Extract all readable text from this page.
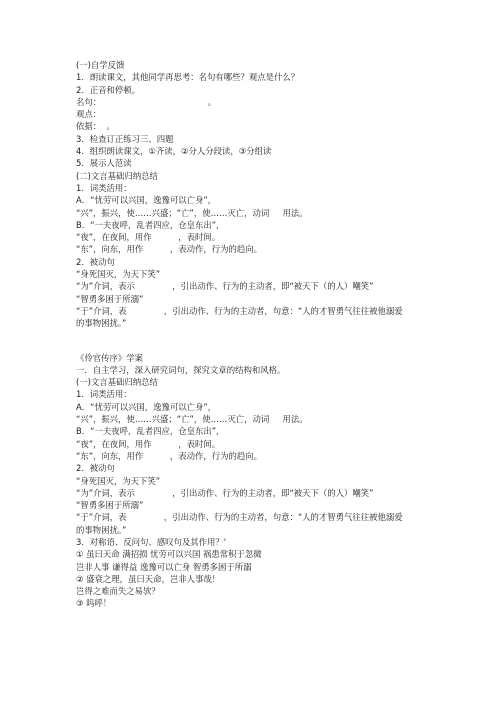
(一)自学反馈
1．朗读课文，其他同学再思考：名句有哪些？观点是什么？
2．正音和停顿。
名句：                                        。
观点：
依据：  。
3．检查订正练习三、四题
4．组织朗读课文，①齐读，②分人分段读，③分组读
5．展示人范读
(二)文言基础归纳总结
1．词类活用：
A．“忧劳可以兴国，逸豫可以亡身”，
“兴”，振兴，使……兴盛；“亡”，使……灭亡，动词     用法。
B．“一夫夜呼，乱者四应，仓皇东出”，
“夜”，在夜间，用作          ，表时间。
“东”，向东，用作          ，表动作，行为的趋向。
2．被动句
“身死国灭，为天下笑”
“为”介词，表示              ，引出动作、行为的主动者，即“被天下（的人）嘲笑”
“智勇多困于所溺”
“于”介词，表              ，引出动作、行为的主动者，句意：“人的才智勇气往往被他溺爱
的事物困扰。”
《伶官传序》学案
一．自主学习，深入研究词句，探究文章的结构和风格。
(一)文言基础归纳总结
1．词类活用：
A．“忧劳可以兴国，逸豫可以亡身”，
“兴”，振兴，使……兴盛；“亡”，使……灭亡，动词     用法。
B．“一夫夜呼，乱者四应，仓皇东出”，
“夜”，在夜间，用作          ，表时间。
“东”，向东，用作          ，表动作，行为的趋向。
2．被动句
“身死国灭，为天下笑”
“为”介词，表示              ，引出动作、行为的主动者，即“被天下（的人）嘲笑”
“智勇多困于所溺”
“于”介词，表              ，引出动作、行为的主动者，句意：“人的才智勇气往往被他溺爱
的事物困扰。”
3．对称语、反问句、感叹句及其作用？'
① 虽曰天命 满招损 忧劳可以兴国 祸患常积于忽微
岂非人事 谦得益 逸豫可以亡身 智勇多困于所溺
② 盛衰之理，虽曰天命，岂非人事哉！
岂得之难而失之易欤？
③ 呜呼！
